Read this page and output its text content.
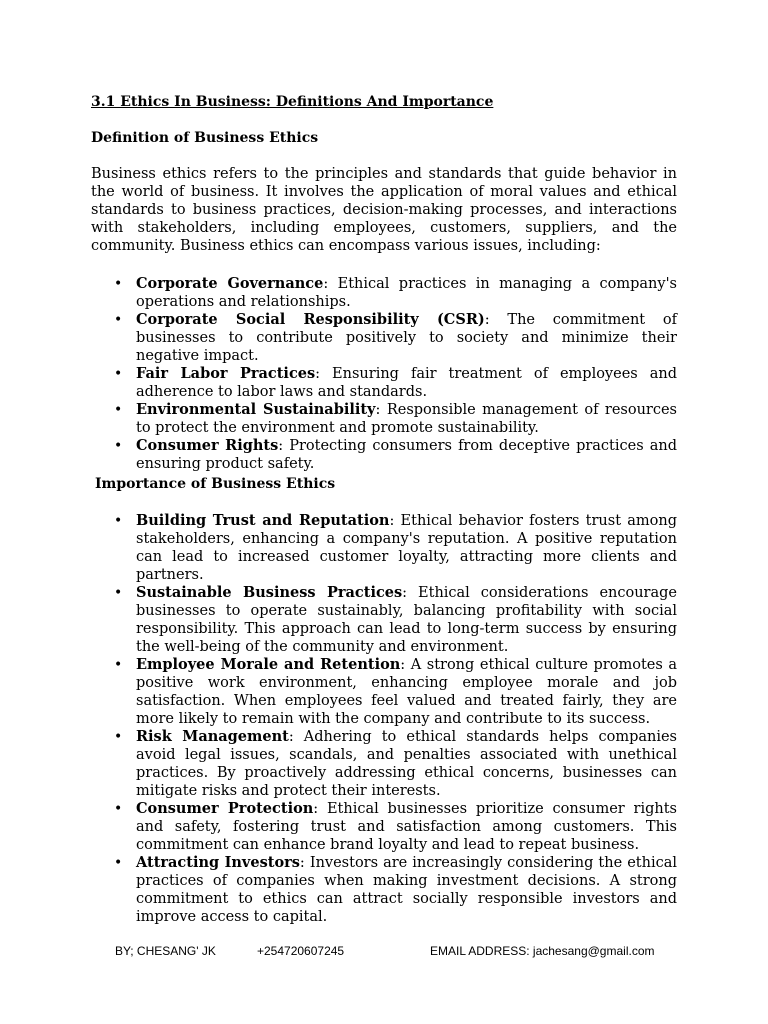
3.1 Ethics In Business: Definitions And Importance
Definition of Business Ethics

Business ethics refers to the principles and standards that guide behavior in the world of business. It involves the application of moral values and ethical standards to business practices, decision-making processes, and interactions with stakeholders, including employees, customers, suppliers, and the community. Business ethics can encompass various issues, including:

• Corporate Governance: Ethical practices in managing a company's operations and relationships.
• Corporate Social Responsibility (CSR): The commitment of businesses to contribute positively to society and minimize their negative impact.
• Fair Labor Practices: Ensuring fair treatment of employees and adherence to labor laws and standards.
• Environmental Sustainability: Responsible management of resources to protect the environment and promote sustainability.
• Consumer Rights: Protecting consumers from deceptive practices and ensuring product safety.
Importance of Business Ethics
• Building Trust and Reputation: Ethical behavior fosters trust among stakeholders, enhancing a company's reputation. A positive reputation can lead to increased customer loyalty, attracting more clients and partners.
• Sustainable Business Practices: Ethical considerations encourage businesses to operate sustainably, balancing profitability with social responsibility. This approach can lead to long-term success by ensuring the well-being of the community and environment.
• Employee Morale and Retention: A strong ethical culture promotes a positive work environment, enhancing employee morale and job satisfaction. When employees feel valued and treated fairly, they are more likely to remain with the company and contribute to its success.
• Risk Management: Adhering to ethical standards helps companies avoid legal issues, scandals, and penalties associated with unethical practices. By proactively addressing ethical concerns, businesses can mitigate risks and protect their interests.
• Consumer Protection: Ethical businesses prioritize consumer rights and safety, fostering trust and satisfaction among customers. This commitment can enhance brand loyalty and lead to repeat business.
• Attracting Investors: Investors are increasingly considering the ethical practices of companies when making investment decisions. A strong commitment to ethics can attract socially responsible investors and improve access to capital.
BY; CHESANG' JK	+254720607245	EMAIL ADDRESS: jachesang@gmail.com
